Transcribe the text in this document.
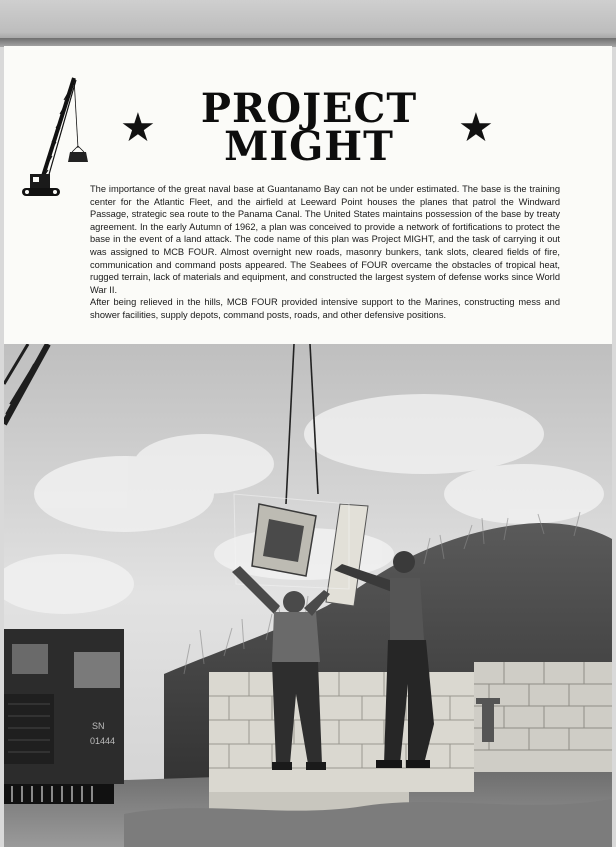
★	PROJECT
MIGHT	★

The importance of the great naval base at Guantanamo Bay can not be under estimated. The base is the training center for the Atlantic Fleet, and the airfield at Leeward Point houses the planes that patrol the Windward Passage, strategic sea route to the Panama Canal. The United States maintains possession of the base by treaty agreement. In the early Autumn of 1962, a plan was conceived to provide a network of fortifications to protect the base in the event of a land attack. The code name of this plan was Project MIGHT, and the task of carrying it out was assigned to MCB FOUR. Almost overnight new roads, masonry bunkers, tank slots, cleared fields of fire, communication and command posts appeared. The Seabees of FOUR overcame the obstacles of tropical heat, rugged terrain, lack of materials and equipment, and constructed the largest system of defense works since World War II.

After being relieved in the hills, MCB FOUR provided intensive support to the Marines, constructing mess and shower facilities, supply depots, command posts, roads, and other defensive positions.

SN
01444
